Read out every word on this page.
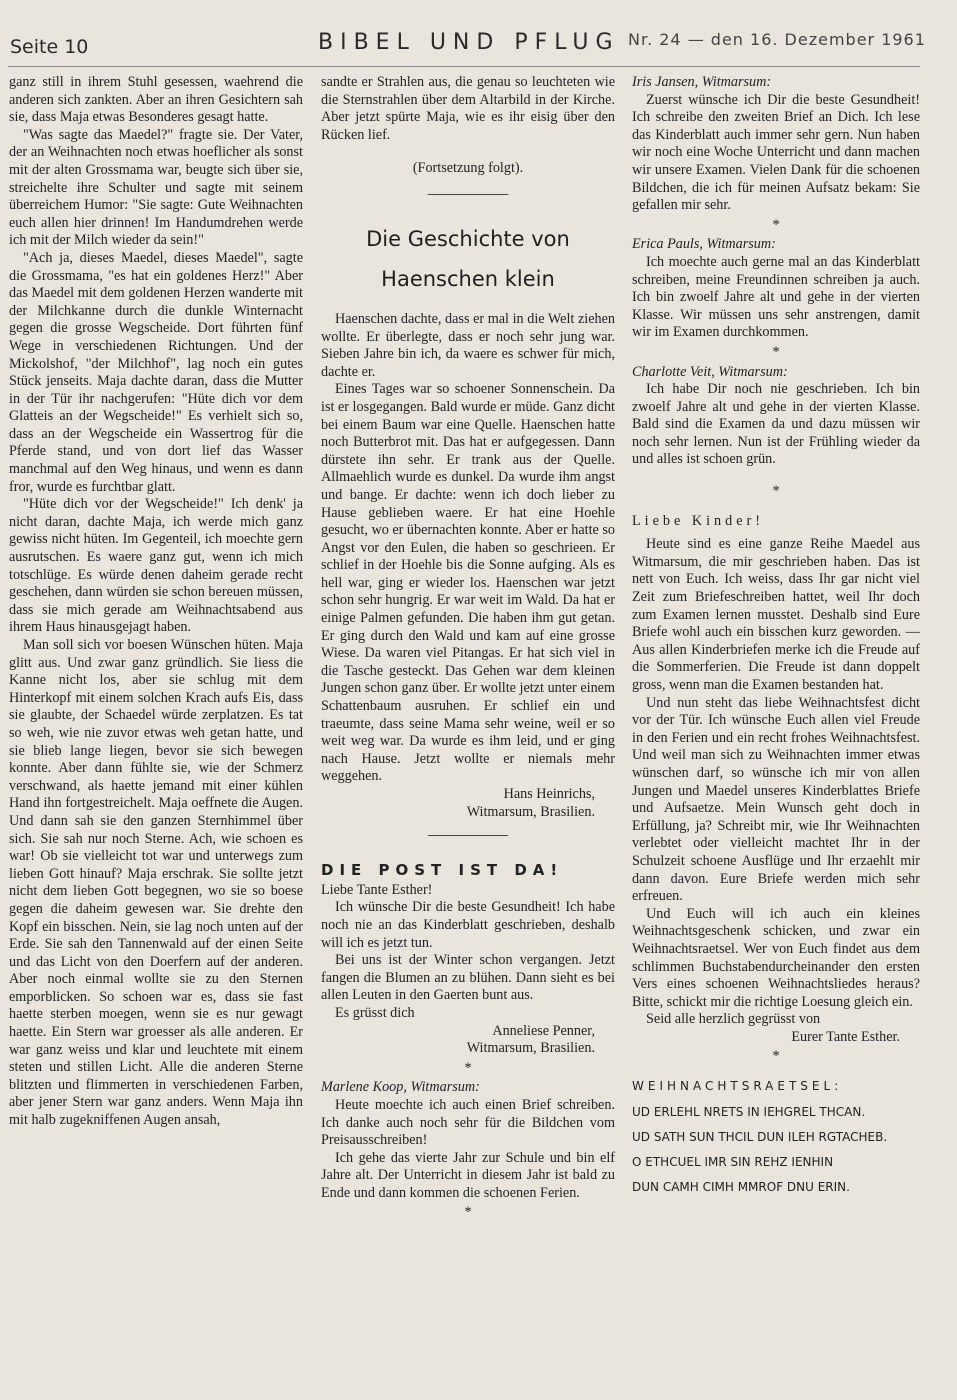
Seite 10	BIBEL UND PFLUG Nr. 24 — den 16. Dezember 1961

ganz still in ihrem Stuhl gesessen, waehrend die anderen sich zankten. Aber an ihren Gesichtern sah sie, dass Maja etwas Besonderes gesagt hatte.

"Was sagte das Maedel?" fragte sie. Der Vater, der an Weihnachten noch etwas hoeflicher als sonst mit der alten Grossmama war, beugte sich über sie, streichelte ihre Schulter und sagte mit seinem überreichem Humor: "Sie sagte: Gute Weihnachten euch allen hier drinnen! Im Handumdrehen werde ich mit der Milch wieder da sein!"

"Ach ja, dieses Maedel, dieses Maedel", sagte die Grossmama, "es hat ein goldenes Herz!" Aber das Maedel mit dem goldenen Herzen wanderte mit der Milchkanne durch die dunkle Winternacht gegen die grosse Wegscheide. Dort führten fünf Wege in verschiedenen Richtungen. Und der Mickolshof, "der Milchhof", lag noch ein gutes Stück jenseits. Maja dachte daran, dass die Mutter in der Tür ihr nachgerufen: "Hüte dich vor dem Glatteis an der Wegscheide!" Es verhielt sich so, dass an der Wegscheide ein Wassertrog für die Pferde stand, und von dort lief das Wasser manchmal auf den Weg hinaus, und wenn es dann fror, wurde es furchtbar glatt.

"Hüte dich vor der Wegscheide!" Ich denk' ja nicht daran, dachte Maja, ich werde mich ganz gewiss nicht hüten. Im Gegenteil, ich moechte gern ausrutschen. Es waere ganz gut, wenn ich mich totschlüge. Es würde denen daheim gerade recht geschehen, dann würden sie schon bereuen müssen, dass sie mich gerade am Weihnachtsabend aus ihrem Haus hinausgejagt haben.

Man soll sich vor boesen Wünschen hüten. Maja glitt aus. Und zwar ganz gründlich. Sie liess die Kanne nicht los, aber sie schlug mit dem Hinterkopf mit einem solchen Krach aufs Eis, dass sie glaubte, der Schaedel würde zerplatzen. Es tat so weh, wie nie zuvor etwas weh getan hatte, und sie blieb lange liegen, bevor sie sich bewegen konnte. Aber dann fühlte sie, wie der Schmerz verschwand, als haette jemand mit einer kühlen Hand ihn fortgestreichelt. Maja oeffnete die Augen. Und dann sah sie den ganzen Sternhimmel über sich. Sie sah nur noch Sterne. Ach, wie schoen es war! Ob sie vielleicht tot war und unterwegs zum lieben Gott hinauf? Maja erschrak. Sie sollte jetzt nicht dem lieben Gott begegnen, wo sie so boese gegen die daheim gewesen war. Sie drehte den Kopf ein bisschen. Nein, sie lag noch unten auf der Erde. Sie sah den Tannenwald auf der einen Seite und das Licht von den Doerfern auf der anderen. Aber noch einmal wollte sie zu den Sternen emporblicken. So schoen war es, dass sie fast haette sterben moegen, wenn sie es nur gewagt haette. Ein Stern war groesser als alle anderen. Er war ganz weiss und klar und leuchtete mit einem steten und stillen Licht. Alle die anderen Sterne blitzten und flimmerten in verschiedenen Farben, aber jener Stern war ganz anders. Wenn Maja ihn mit halb zugekniffenen Augen ansah,

sandte er Strahlen aus, die genau so leuchteten wie die Sternstrahlen über dem Altarbild in der Kirche. Aber jetzt spürte Maja, wie es ihr eisig über den Rücken lief.

(Fortsetzung folgt).

Die Geschichte von
Haenschen klein

Haenschen dachte, dass er mal in die Welt ziehen wollte. Er überlegte, dass er noch sehr jung war. Sieben Jahre bin ich, da waere es schwer für mich, dachte er.

Eines Tages war so schoener Sonnenschein. Da ist er losgegangen. Bald wurde er müde. Ganz dicht bei einem Baum war eine Quelle. Haenschen hatte noch Butterbrot mit. Das hat er aufgegessen. Dann dürstete ihn sehr. Er trank aus der Quelle. Allmaehlich wurde es dunkel. Da wurde ihm angst und bange. Er dachte: wenn ich doch lieber zu Hause geblieben waere. Er hat eine Hoehle gesucht, wo er übernachten konnte. Aber er hatte so Angst vor den Eulen, die haben so geschrieen. Er schlief in der Hoehle bis die Sonne aufging. Als es hell war, ging er wieder los. Haenschen war jetzt schon sehr hungrig. Er war weit im Wald. Da hat er einige Palmen gefunden. Die haben ihm gut getan. Er ging durch den Wald und kam auf eine grosse Wiese. Da waren viel Pitangas. Er hat sich viel in die Tasche gesteckt. Das Gehen war dem kleinen Jungen schon ganz über. Er wollte jetzt unter einem Schattenbaum ausruhen. Er schlief ein und traeumte, dass seine Mama sehr weine, weil er so weit weg war. Da wurde es ihm leid, und er ging nach Hause. Jetzt wollte er niemals mehr weggehen.

Hans Heinrichs,

Witmarsum, Brasilien.

DIE POST IST DA!

Liebe Tante Esther!

Ich wünsche Dir die beste Gesundheit! Ich habe noch nie an das Kinderblatt geschrieben, deshalb will ich es jetzt tun.

Bei uns ist der Winter schon vergangen. Jetzt fangen die Blumen an zu blühen. Dann sieht es bei allen Leuten in den Gaerten bunt aus.

Es grüsst dich

Anneliese Penner,

Witmarsum, Brasilien.

*

Marlene Koop, Witmarsum:

Heute moechte ich auch einen Brief schreiben. Ich danke auch noch sehr für die Bildchen vom Preisausschreiben!

Ich gehe das vierte Jahr zur Schule und bin elf Jahre alt. Der Unterricht in diesem Jahr ist bald zu Ende und dann kommen die schoenen Ferien.

*

Iris Jansen, Witmarsum:

Zuerst wünsche ich Dir die beste Gesundheit! Ich schreibe den zweiten Brief an Dich. Ich lese das Kinderblatt auch immer sehr gern. Nun haben wir noch eine Woche Unterricht und dann machen wir unsere Examen. Vielen Dank für die schoenen Bildchen, die ich für meinen Aufsatz bekam: Sie gefallen mir sehr.

*

Erica Pauls, Witmarsum:

Ich moechte auch gerne mal an das Kinderblatt schreiben, meine Freundinnen schreiben ja auch. Ich bin zwoelf Jahre alt und gehe in der vierten Klasse. Wir müssen uns sehr anstrengen, damit wir im Examen durchkommen.

*

Charlotte Veit, Witmarsum:

Ich habe Dir noch nie geschrieben. Ich bin zwoelf Jahre alt und gehe in der vierten Klasse. Bald sind die Examen da und dazu müssen wir noch sehr lernen. Nun ist der Frühling wieder da und alles ist schoen grün.

*

Liebe Kinder!

Heute sind es eine ganze Reihe Maedel aus Witmarsum, die mir geschrieben haben. Das ist nett von Euch. Ich weiss, dass Ihr gar nicht viel Zeit zum Briefeschreiben hattet, weil Ihr doch zum Examen lernen musstet. Deshalb sind Eure Briefe wohl auch ein bisschen kurz geworden. — Aus allen Kinderbriefen merke ich die Freude auf die Sommerferien. Die Freude ist dann doppelt gross, wenn man die Examen bestanden hat.

Und nun steht das liebe Weihnachtsfest dicht vor der Tür. Ich wünsche Euch allen viel Freude in den Ferien und ein recht frohes Weihnachtsfest. Und weil man sich zu Weihnachten immer etwas wünschen darf, so wünsche ich mir von allen Jungen und Maedel unseres Kinderblattes Briefe und Aufsaetze. Mein Wunsch geht doch in Erfüllung, ja? Schreibt mir, wie Ihr Weihnachten verlebtet oder vielleicht machtet Ihr in der Schulzeit schoene Ausflüge und Ihr erzaehlt mir dann davon. Eure Briefe werden mich sehr erfreuen.

Und Euch will ich auch ein kleines Weihnachtsgeschenk schicken, und zwar ein Weihnachtsraetsel. Wer von Euch findet aus dem schlimmen Buchstabendurcheinander den ersten Vers eines schoenen Weihnachtsliedes heraus? Bitte, schickt mir die richtige Loesung gleich ein.

Seid alle herzlich gegrüsst von

Eurer Tante Esther.

*

WEIHNACHTSRAETSEL:

UD ERLEHL NRETS IN IEHGREL THCAN.

UD SATH SUN THCIL DUN ILEH RGTACHEB.

O ETHCUEL IMR SIN REHZ IENHIN

DUN CAMH CIMH MMROF DNU ERIN.
